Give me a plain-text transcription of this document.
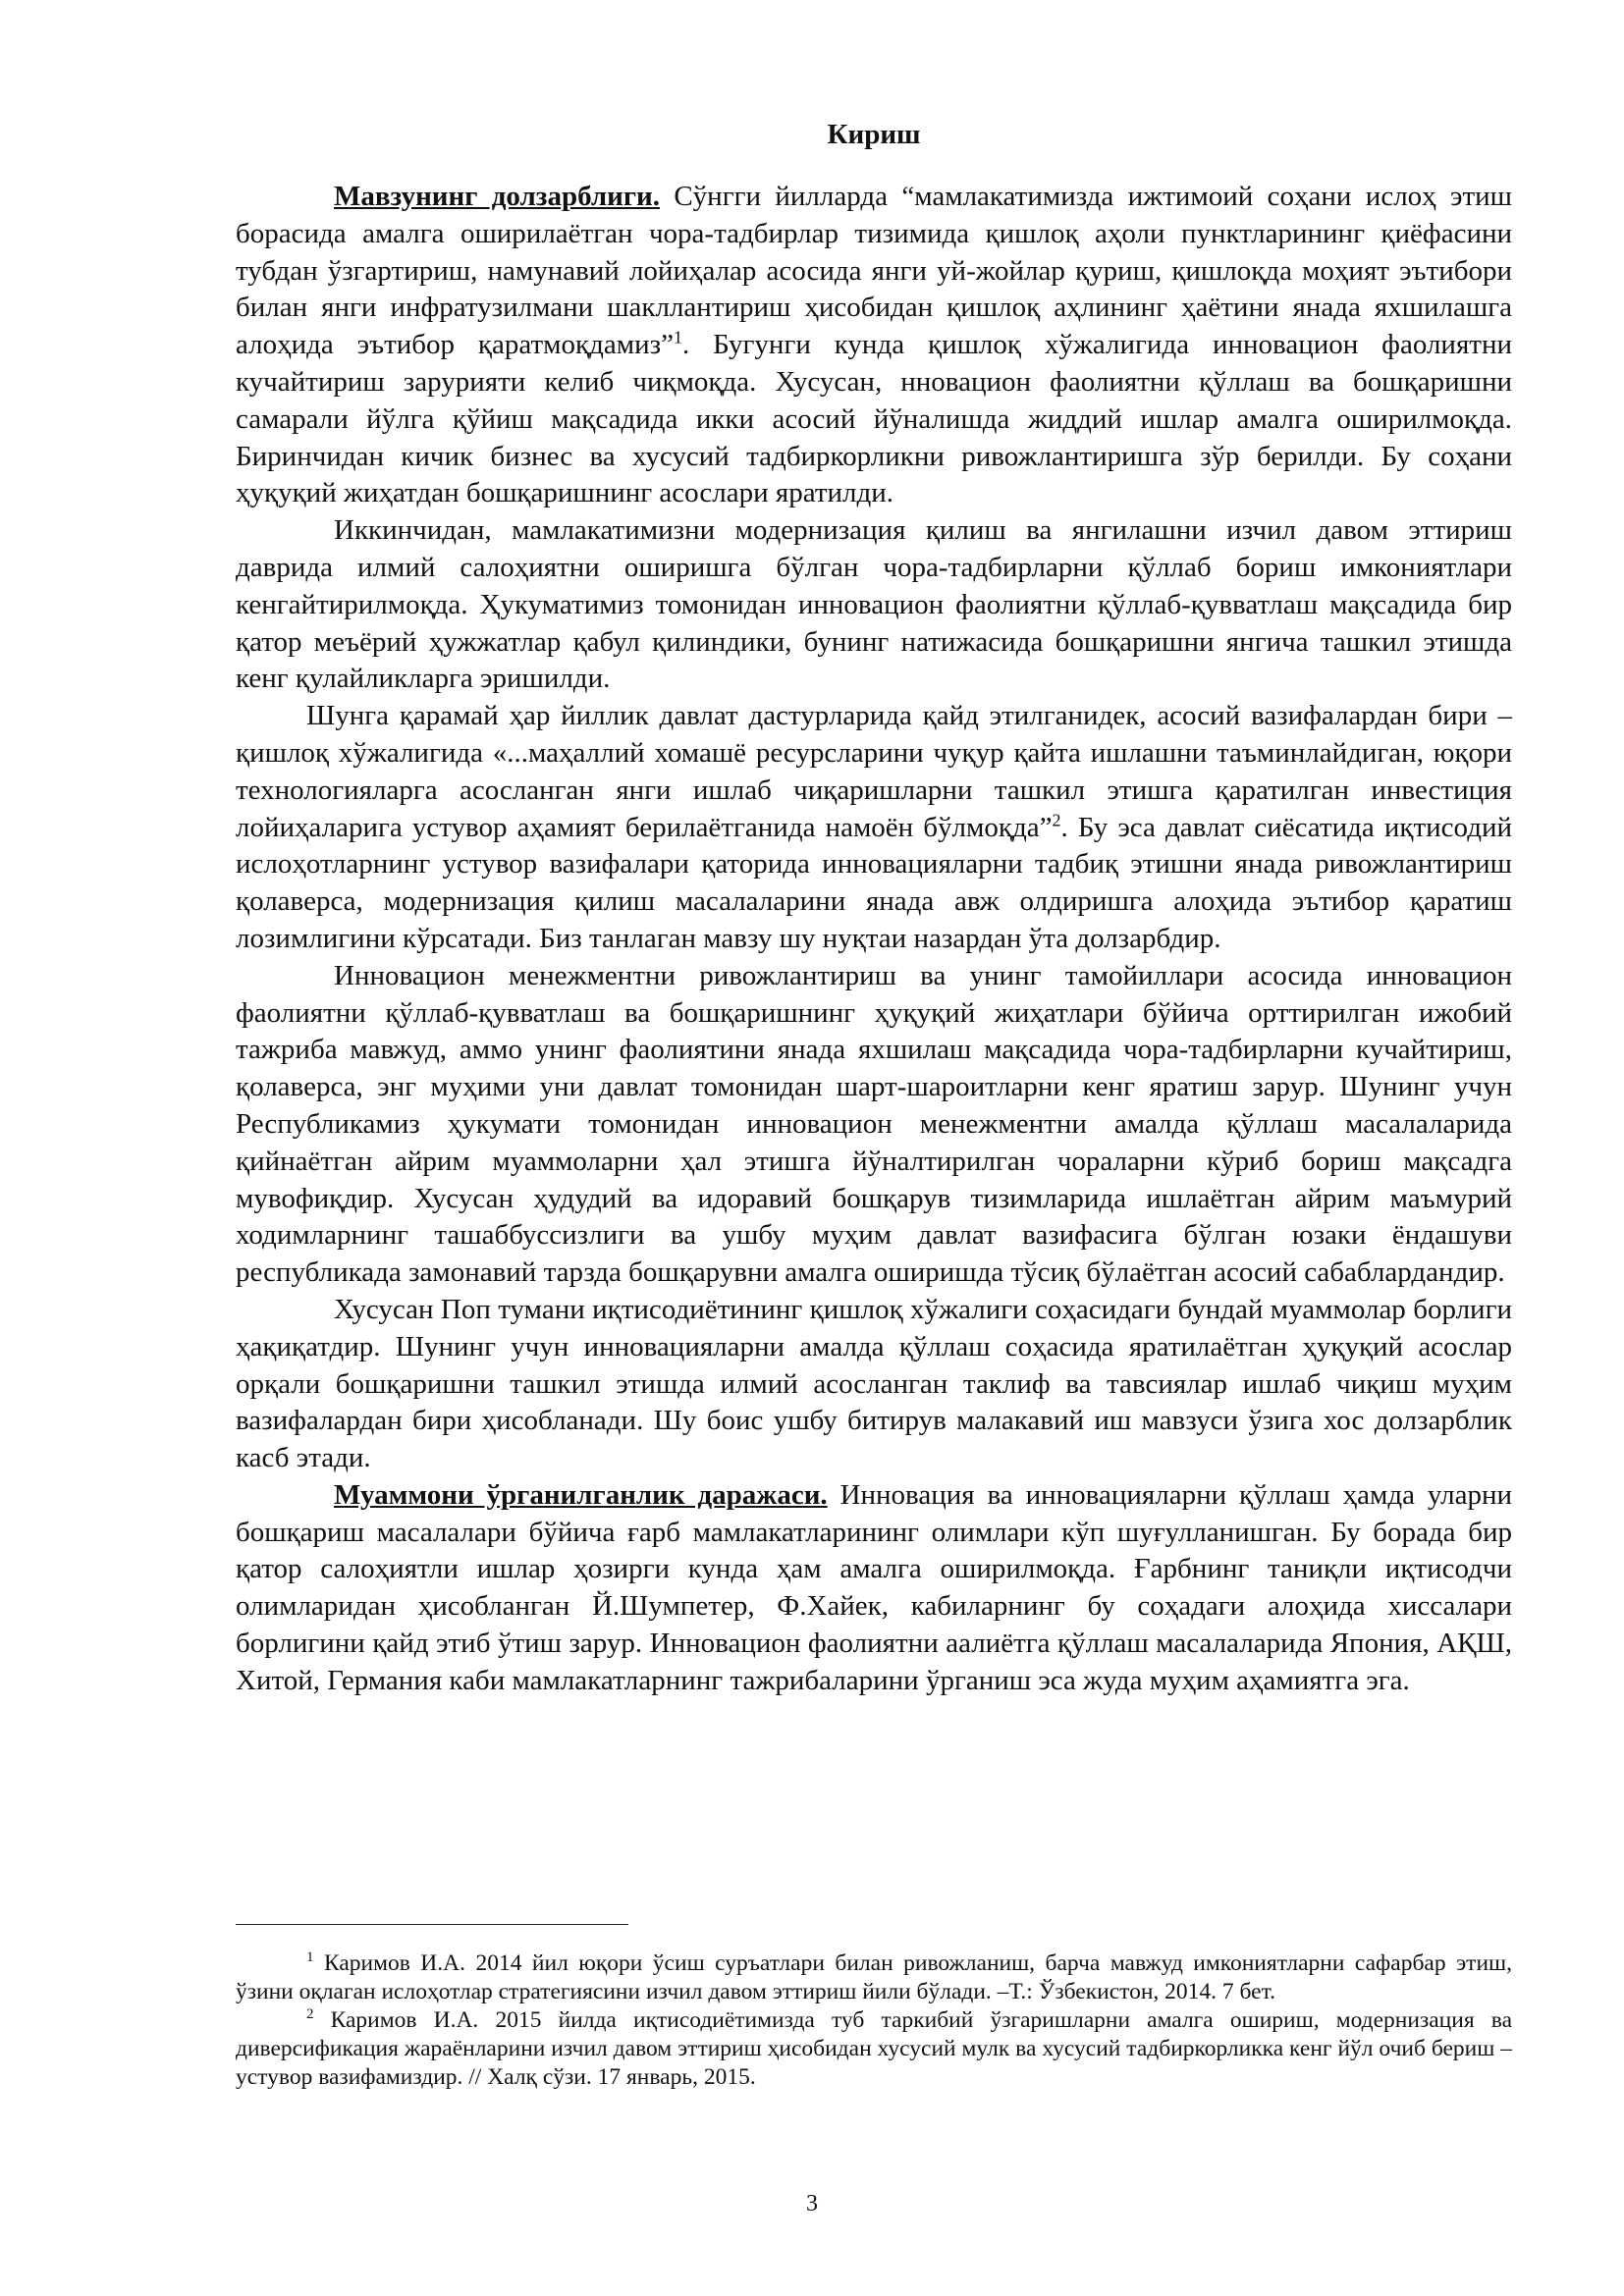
Кириш

Мавзунинг долзарблиги. Сўнгги йилларда “мамлакатимизда ижтимоий соҳани ислоҳ этиш борасида амалга оширилаётган чора-тадбирлар тизимида қишлоқ аҳоли пунктларининг қиёфасини тубдан ўзгартириш, намунавий лойиҳалар асосида янги уй-жойлар қуриш, қишлоқда моҳият эътибори билан янги инфратузилмани шакллантириш ҳисобидан қишлоқ аҳлининг ҳаётини янада яхшилашга алоҳида эътибор қаратмоқдамиз”$^1$. Бугунги кунда қишлоқ хўжалигида инновацион фаолиятни кучайтириш зарурияти келиб чиқмоқда. Хусусан, нновацион фаолиятни қўллаш ва бошқаришни самарали йўлга қўйиш мақсадида икки асосий йўналишда жиддий ишлар амалга оширилмоқда. Биринчидан кичик бизнес ва хусусий тадбиркорликни ривожлантиришга зўр берилди. Бу соҳани ҳуқуқий жиҳатдан бошқаришнинг асослари яратилди.

Иккинчидан, мамлакатимизни модернизация қилиш ва янгилашни изчил давом эттириш даврида илмий салоҳиятни оширишга бўлган чора-тадбирларни қўллаб бориш имкониятлари кенгайтирилмоқда. Ҳукуматимиз томонидан инновацион фаолиятни қўллаб-қувватлаш мақсадида бир қатор меъёрий ҳужжатлар қабул қилиндики, бунинг натижасида бошқаришни янгича ташкил этишда кенг қулайликларга эришилди.

Шунга қарамай ҳар йиллик давлат дастурларида қайд этилганидек, асосий вазифалардан бири – қишлоқ хўжалигида «...маҳаллий хомашё ресурсларини чуқур қайта ишлашни таъминлайдиган, юқори технологияларга асосланган янги ишлаб чиқаришларни ташкил этишга қаратилган инвестиция лойиҳаларига устувор аҳамият берилаётганида намоён бўлмоқда”$^2$. Бу эса давлат сиёсатида иқтисодий ислоҳотларнинг устувор вазифалари қаторида инновацияларни тадбиқ этишни янада ривожлантириш қолаверса, модернизация қилиш масалаларини янада авж олдиришга алоҳида эътибор қаратиш лозимлигини кўрсатади. Биз танлаган мавзу шу нуқтаи назардан ўта долзарбдир.

Инновацион менежментни ривожлантириш ва унинг тамойиллари асосида инновацион фаолиятни қўллаб-қувватлаш ва бошқаришнинг ҳуқуқий жиҳатлари бўйича орттирилган ижобий тажриба мавжуд, аммо унинг фаолиятини янада яхшилаш мақсадида чора-тадбирларни кучайтириш, қолаверса, энг муҳими уни давлат томонидан шарт-шароитларни кенг яратиш зарур. Шунинг учун Республикамиз ҳукумати томонидан инновацион менежментни амалда қўллаш масалаларида қийнаётган айрим муаммоларни ҳал этишга йўналтирилган чораларни кўриб бориш мақсадга мувофиқдир. Хусусан ҳудудий ва идоравий бошқарув тизимларида ишлаётган айрим маъмурий ходимларнинг ташаббуссизлиги ва ушбу муҳим давлат вазифасига бўлган юзаки ёндашуви республикада замонавий тарзда бошқарувни амалга оширишда тўсиқ бўлаётган асосий сабаблардандир.

Хусусан Поп тумани иқтисодиётининг қишлоқ хўжалиги соҳасидаги бундай муаммолар борлиги ҳақиқатдир. Шунинг учун инновацияларни амалда қўллаш соҳасида яратилаётган ҳуқуқий асослар орқали бошқаришни ташкил этишда илмий асосланган таклиф ва тавсиялар ишлаб чиқиш муҳим вазифалардан бири ҳисобланади. Шу боис ушбу битирув малакавий иш мавзуси ўзига хос долзарблик касб этади.

Муаммони ўрганилганлик даражаси. Инновация ва инновацияларни қўллаш ҳамда уларни бошқариш масалалари бўйича ғарб мамлакатларининг олимлари кўп шуғулланишган. Бу борада бир қатор салоҳиятли ишлар ҳозирги кунда ҳам амалга оширилмоқда. Ғарбнинг таниқли иқтисодчи олимларидан ҳисобланган Й.Шумпетер, Ф.Хайек, кабиларнинг бу соҳадаги алоҳида хиссалари борлигини қайд этиб ўтиш зарур. Инновацион фаолиятни аалиётга қўллаш масалаларида Япония, АҚШ, Хитой, Германия каби мамлакатларнинг тажрибаларини ўрганиш эса жуда муҳим аҳамиятга эга.

$^1$ Каримов И.А. 2014 йил юқори ўсиш суръатлари билан ривожланиш, барча мавжуд имкониятларни сафарбар этиш, ўзини оқлаган ислоҳотлар стратегиясини изчил давом эттириш йили бўлади. –Т.: Ўзбекистон, 2014. 7 бет.

$^2$ Каримов И.А. 2015 йилда иқтисодиётимизда туб таркибий ўзгаришларни амалга ошириш, модернизация ва диверсификация жараёнларини изчил давом эттириш ҳисобидан хусусий мулк ва хусусий тадбиркорликка кенг йўл очиб бериш – устувор вазифамиздир. // Халқ сўзи. 17 январь, 2015.

3
